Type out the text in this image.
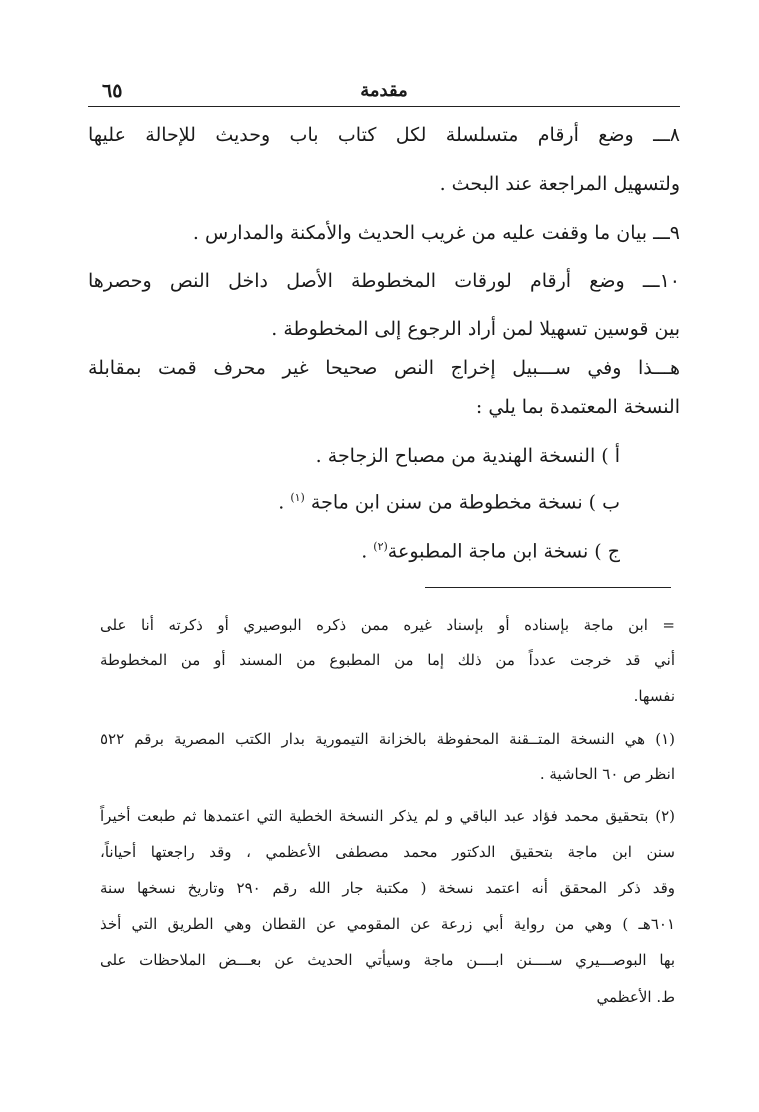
مقدمة
٦٥
٨ـــ وضع أرقام متسلسلة لكل كتاب باب وحديث للإحالة عليها
ولتسهيل المراجعة عند البحث .
٩ـــ بيان ما وقفت عليه من غريب الحديث والأمكنة والمدارس .
١٠ـــ وضع أرقام لورقات المخطوطة الأصل داخل النص وحصرها
بين قوسين تسهيلا لمن أراد الرجوع إلى المخطوطة .
هـــذا وفي ســـبيل إخراج النص صحيحا غير محرف قمت بمقابلة
النسخة المعتمدة بما يلي :
أ ) النسخة الهندية من مصباح الزجاجة .
ب ) نسخة مخطوطة من سنن ابن ماجة $^{(١)}$ .
ج ) نسخة ابن ماجة المطبوعة$^{(٢)}$ .
= ابن ماجة بإسناده أو بإسناد غيره ممن ذكره البوصيري أو ذكرته أنا على
أني قد خرجت عدداً من ذلك إما من المطبوع من المسند أو من المخطوطة
نفسها.
(١) هي النسخة المتــقنة المحفوظة بالخزانة التيمورية بدار الكتب المصرية برقم ٥٢٢
انظر ص ٦٠ الحاشية .
(٢) بتحقيق محمد فؤاد عبد الباقي و لم يذكر النسخة الخطية التي اعتمدها ثم طبعت أخيراً
سنن ابن ماجة بتحقيق الدكتور محمد مصطفى الأعظمي ، وقد راجعتها أحياناً،
وقد ذكر المحقق أنه اعتمد نسخة ( مكتبة جار الله رقم ٢٩٠ وتاريخ نسخها سنة
٦٠١هـ ) وهي من رواية أبي زرعة عن المقومي عن القطان وهي الطريق التي أخذ
بها البوصـــيري ســــنن ابــــن ماجة وسيأتي الحديث عن بعـــض الملاحظات على
ط. الأعظمي
